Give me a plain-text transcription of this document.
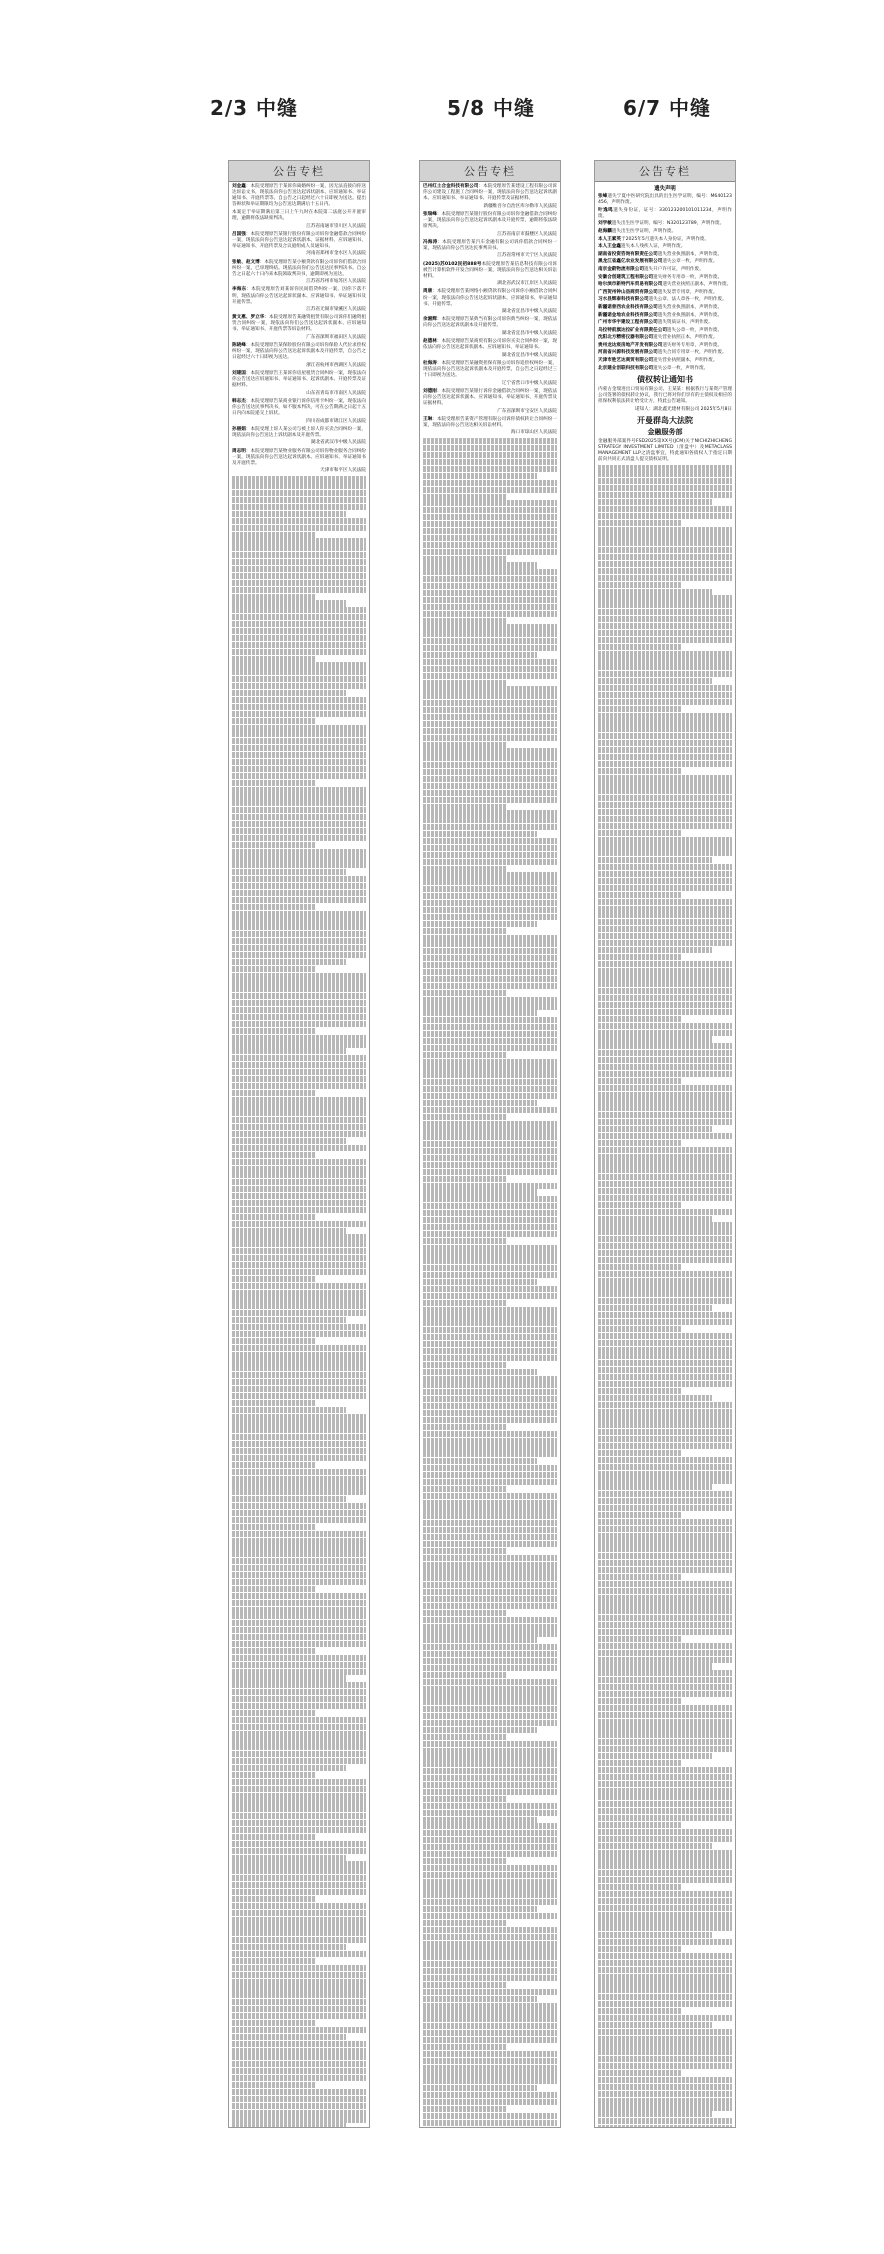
2/3 中缝	5/8 中缝	6/7 中缝
公告专栏
刘金鑫：本院受理原告于某诉你离婚纠纷一案，因无法直接向你送达诉讼文书，现依法向你公告送达起诉状副本、应诉通知书、举证通知书、开庭传票等。自公告之日起经过六十日即视为送达。提出答辩状和举证期限均为公告送达期满后十五日内。
本案定于举证期满后第三日上午九时在本院第二法庭公开开庭审理，逾期将依法缺席判决。
江苏省南通市崇川区人民法院
吕国强：本院受理原告某银行股份有限公司诉你金融借款合同纠纷一案，现依法向你公告送达起诉状副本、证据材料、应诉通知书、举证通知书、开庭传票及合议庭组成人员通知书。
河南省郑州市金水区人民法院
张敏、赵文博：本院受理原告某小额贷款有限公司诉你们借款合同纠纷一案，已审理终结。现依法向你们公告送达民事判决书。自公告之日起六十日内来本院领取判决书，逾期即视为送达。
江苏省苏州市姑苏区人民法院
李海东：本院受理原告刘某诉你民间借贷纠纷一案，因你下落不明，现依法向你公告送达起诉状副本、应诉通知书、举证通知书及开庭传票。
江苏省无锡市梁溪区人民法院
黄文惠、罗立华：本院受理原告某融资租赁有限公司诉你们融资租赁合同纠纷一案，现依法向你们公告送达起诉状副本、应诉通知书、举证通知书、开庭传票等诉讼材料。
广东省深圳市福田区人民法院
陈晓峰：本院受理原告某保险股份有限公司诉你保险人代位求偿权纠纷一案，现依法向你公告送达起诉状副本及开庭传票，自公告之日起经过六十日即视为送达。
浙江省杭州市西湖区人民法院
刘建国：本院受理原告王某诉你房屋租赁合同纠纷一案，现依法向你公告送达应诉通知书、举证通知书、起诉状副本、开庭传票及证据材料。
山东省青岛市市南区人民法院
韩志杰：本院受理原告某商业银行诉你信用卡纠纷一案，现依法向你公告送达民事判决书，如不服本判决，可在公告期满之日起十五日内向本院递交上诉状。
四川省成都市锦江区人民法院
孙丽娟：本院受理上诉人某公司与被上诉人你买卖合同纠纷一案，现依法向你公告送达上诉状副本及开庭传票。
湖北省武汉市中级人民法院
周志明：本院受理原告某物业服务有限公司诉你物业服务合同纠纷一案，现依法向你公告送达起诉状副本、应诉通知书、举证通知书及开庭传票。
天津市和平区人民法院
公告专栏
巴州红土合金科技有限公司：本院受理原告某建设工程有限公司诉你公司建设工程施工合同纠纷一案，现依法向你公告送达起诉状副本、应诉通知书、举证通知书、开庭传票及证据材料。
新疆维吾尔自治区库尔勒市人民法院
张瑞峰：本院受理原告某银行股份有限公司诉你金融借款合同纠纷一案，现依法向你公告送达起诉状副本及开庭传票，逾期将依法缺席判决。
江苏省南京市鼓楼区人民法院
冯海涛：本院受理原告某汽车金融有限公司诉你借款合同纠纷一案，现依法向你公告送达民事判决书。
江苏省常州市天宁区人民法院
(2025)苏0102民初888号本院受理原告某信息科技有限公司诉被告计算机软件开发合同纠纷一案，现依法向你公告送达相关诉讼材料。
湖北省武汉市江岸区人民法院
周康：本院受理原告某网络小额贷款有限公司诉你小额借款合同纠纷一案，现依法向你公告送达起诉状副本、应诉通知书、举证通知书、开庭传票。
湖北省宜昌市中级人民法院
余湘辉：本院受理原告某典当有限公司诉你典当纠纷一案，现依法向你公告送达起诉状副本及开庭传票。
湖北省宜昌市中级人民法院
赵德林：本院受理原告某商贸有限公司诉你买卖合同纠纷一案，现依法向你公告送达起诉状副本、应诉通知书、举证通知书。
湖北省宜昌市中级人民法院
杜海涛：本院受理原告某融资担保有限公司诉你追偿权纠纷一案，现依法向你公告送达起诉状副本及开庭传票，自公告之日起经过三十日即视为送达。
辽宁省营口市中级人民法院
刘德刚：本院受理原告某银行诉你金融借款合同纠纷一案，现依法向你公告送达起诉状副本、应诉通知书、举证通知书、开庭传票及证据材料。
广东省深圳市宝安区人民法院
王琳：本院受理原告某资产管理有限公司诉你债权转让合同纠纷一案，现依法向你公告送达相关诉讼材料。
海口市琼山区人民法院
公告专栏
遗失声明
张峰遗失宁夏中医研究院出具的出生医学证明，编号：M640123456，声明作废。
叶逸鸣遗失身份证，证号：330123200101011234，声明作废。
刘学敏遗失出生医学证明，编号：N320123789，声明作废。
赵海麟遗失出生医学证明，声明作废。
本人王素英于2025年5月遗失本人身份证，声明作废。
本人王金鑫遗失本人残疾人证，声明作废。
湖南省投资咨询有限责任公司遗失营业执照副本，声明作废。
黑龙江省鑫亿农业发展有限公司遗失公章一枚，声明作废。
南京金蔚物流有限公司遗失开户许可证，声明作废。
安徽合创建筑工程有限公司遗失财务专用章一枚，声明作废。
哈尔滨市新特汽车贸易有限公司遗失营业执照正副本，声明作废。
广西贺州钟山县商贸有限公司遗失发票专用章，声明作废。
习水县辉泰科技有限公司遗失公章、法人章各一枚，声明作废。
新疆诺普西农业科技有限公司遗失营业执照副本，声明作废。
新疆诺金地农业科技有限公司遗失营业执照副本，声明作废。
广州市华宇建设工程有限公司遗失资质证书，声明作废。
乌拉特前旗达拉矿业有限责任公司遗失公章一枚，声明作废。
沈阳北方精密仪器有限公司遗失营业执照正本，声明作废。
贵州龙达宸房地产开发有限公司遗失财务专用章，声明作废。
河南省兴源科技发展有限公司遗失合同专用章一枚，声明作废。
天津市胜艺达商贸有限公司遗失营业执照副本，声明作废。
北京建业创联科技有限公司遗失公章一枚，声明作废。
债权转让通知书
内蒙古金瑞进出口贸易有限公司、王某某：根据我行与某资产管理公司签署的债权转让协议，我行已将对你们享有的主债权及相应的担保权利依法转让给受让方，特此公告通知。
诺知人：湖北鑫光建材有限公司 2025年5月8日
开曼群岛大法院
金融服务部
金融服务部案件号FSD2025第XX号(JCM)关于NICHIZHICHENG STRATEGY INVESTMENT LIMITED（清盘中）及METACLASS MANAGEMENT LLP之清盘事宜，特此通知各债权人于指定日期前向共同正式清盘人提交债权证明。
